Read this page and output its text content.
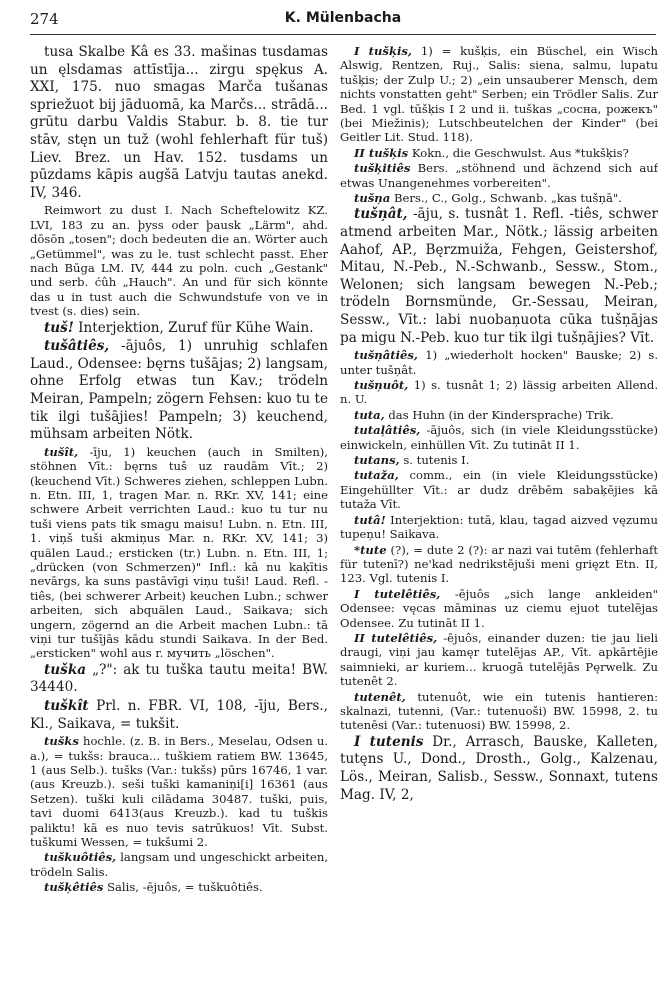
274	K. Mülenbacha

tusa Skalbe Kâ es 33. mašinas tusdamas un ęlsdamas attīstīja... zirgu spękus A. XXI, 175. nuo smagas Marča tušanas spriežuot bij jāduomā, ka Marčs... strādā... grūtu darbu Valdis Stabur. b. 8. tie tur stāv, stęn un tuž (wohl fehlerhaft für tuš) Liev. Brez. un Hav. 152. tusdams un pūzdams kāpis augšā Latvju tautas anekd. IV, 346.

Reimwort zu dust I. Nach Scheftelowitz KZ. LVI, 183 zu an. þyss oder þausk „Lärm", ahd. dōsōn „tosen"; doch bedeuten die an. Wörter auch „Getümmel", was zu le. tust schlecht passt. Eher nach Būga LM. IV, 444 zu poln. cuch „Gestank" und serb. ćûh „Hauch". An und für sich könnte das u in tust auch die Schwundstufe von ve in tvest (s. dies) sein.

tuš! Interjektion, Zuruf für Kühe Wain.

tušâtiês, -ājuôs, 1) unruhig schlafen Laud., Odensee: bęrns tušājas; 2) langsam, ohne Erfolg etwas tun Kav.; trödeln Meiran, Pampeln; zögern Fehsen: kuo tu te tik ilgi tušājies! Pampeln; 3) keuchend, mühsam arbeiten Nötk.

tušît, -īju, 1) keuchen (auch in Smilten), stöhnen Vīt.: bęrns tuš uz raudām Vīt.; 2) (keuchend Vīt.) Schweres ziehen, schleppen Lubn. n. Etn. III, 1, tragen Mar. n. RKr. XV, 141; eine schwere Arbeit verrichten Laud.: kuo tu tur nu tuši viens pats tik smagu maisu! Lubn. n. Etn. III, 1. viņš tuši akmiņus Mar. n. RKr. XV, 141; 3) quälen Laud.; ersticken (tr.) Lubn. n. Etn. III, 1; „drücken (von Schmerzen)" Infl.: kā nu kaķītis nevārgs, ka suns pastāvīgi viņu tuši! Laud. Refl. -tiês, (bei schwerer Arbeit) keuchen Lubn.; schwer arbeiten, sich abquälen Laud., Saikava; sich ungern, zögernd an die Arbeit machen Lubn.: tā viņi tur tušījās kādu stundi Saikava. In der Bed. „ersticken" wohl aus r. мучить „löschen".

tuška „?": ak tu tuška tautu meita! BW. 34440.

tuškît Prl. n. FBR. VI, 108, -īju, Bers., Kl., Saikava, = tukšit.

tušks hochle. (z. B. in Bers., Meselau, Odsen u. a.), = tukšs: brauca... tuškiem ratiem BW. 13645, 1 (aus Selb.). tušks (Var.: tukšs) pūrs 16746, 1 var. (aus Kreuzb.). seši tuški kamaniņi[i] 16361 (aus Setzen). tuški kuli cilādama 30487. tuški, puis, tavi duomi 6413(aus Kreuzb.). kad tu tuškis paliktu! kā es nuo tevis satrūkuos! Vīt. Subst. tuškumi Wessen, = tukšumi 2.

tuškuôtiês, langsam und ungeschickt arbeiten, trödeln Salis.

tušķêtiês Salis, -ējuôs, = tuškuôtiês.

I tušķis, 1) = kušķis, ein Büschel, ein Wisch Alswig, Rentzen, Ruj., Salis: siena, salmu, lupatu tušķis; der Zulp U.; 2) „ein unsauberer Mensch, dem nichts vonstatten geht" Serben; ein Trödler Salis. Zur Bed. 1 vgl. tūšķis I 2 und ii. tuškas „сосна, рожекъ" (bei Miežinis); Lutschbeutelchen der Kinder" (bei Geitler Lit. Stud. 118).

II tušķis Kokn., die Geschwulst. Aus *tukšķis?

tušķitiês Bers. „stöhnend und ächzend sich auf etwas Unangenehmes vorbereiten".

tušņa Bers., C., Golg., Schwanb. „kas tušņā".

tušņât, -āju, s. tusnât 1. Refl. -tiês, schwer atmend arbeiten Mar., Nötk.; lässig arbeiten Aahof, AP., Bęrzmuiža, Fehgen, Geistershof, Mitau, N.-Peb., N.-Schwanb., Sessw., Stom., Welonen; sich langsam bewegen N.-Peb.; trödeln Bornsmünde, Gr.-Sessau, Meiran, Sessw., Vīt.: labi nuobaņuota cūka tušņājas pa migu N.-Peb. kuo tur tik ilgi tušņājies? Vīt.

tušņâtiês, 1) „wiederholt hocken" Bauske; 2) s. unter tušņât.

tušņuôt, 1) s. tusnât 1; 2) lässig arbeiten Allend. n. U.

tuta, das Huhn (in der Kindersprache) Trik.

tutaļâtiês, -ājuôs, sich (in viele Kleidungsstücke) einwickeln, einhüllen Vīt. Zu tutināt II 1.

tutans, s. tutenis I.

tutaža, comm., ein (in viele Kleidungsstücke) Eingehüllter Vīt.: ar dudz drēbēm sabaķējies kā tutaža Vīt.

tutâ! Interjektion: tutā, klau, tagad aizved vęzumu tupeņu! Saikava.

*tute (?), = dute 2 (?): ar nazi vai tutēm (fehlerhaft für tutenī?) ne'kad nedrikstējuši meni grięzt Etn. II, 123. Vgl. tutenis I.

I tutelêtiês, -ējuôs „sich lange ankleiden" Odensee: vęcas māminas uz ciemu ejuot tutelējas Odensee. Zu tutināt II 1.

II tutelêtiês, -ējuôs, einander duzen: tie jau lieli draugi, viņi jau kamęr tutelējas AP., Vīt. apkārtējie saimnieki, ar kuriem... kruogā tutelējās Pęrwelk. Zu tutenêt 2.

tutenêt, tutenuôt, wie ein tutenis hantieren: skalnazi, tutenni, (Var.: tutenuoši) BW. 15998, 2. tu tutenēsi (Var.: tutenuosi) BW. 15998, 2.

I tutenis Dr., Arrasch, Bauske, Kalleten, tutęns U., Dond., Drosth., Golg., Kalzenau, Lös., Meiran, Salisb., Sessw., Sonnaxt, tutens Mag. IV, 2,
